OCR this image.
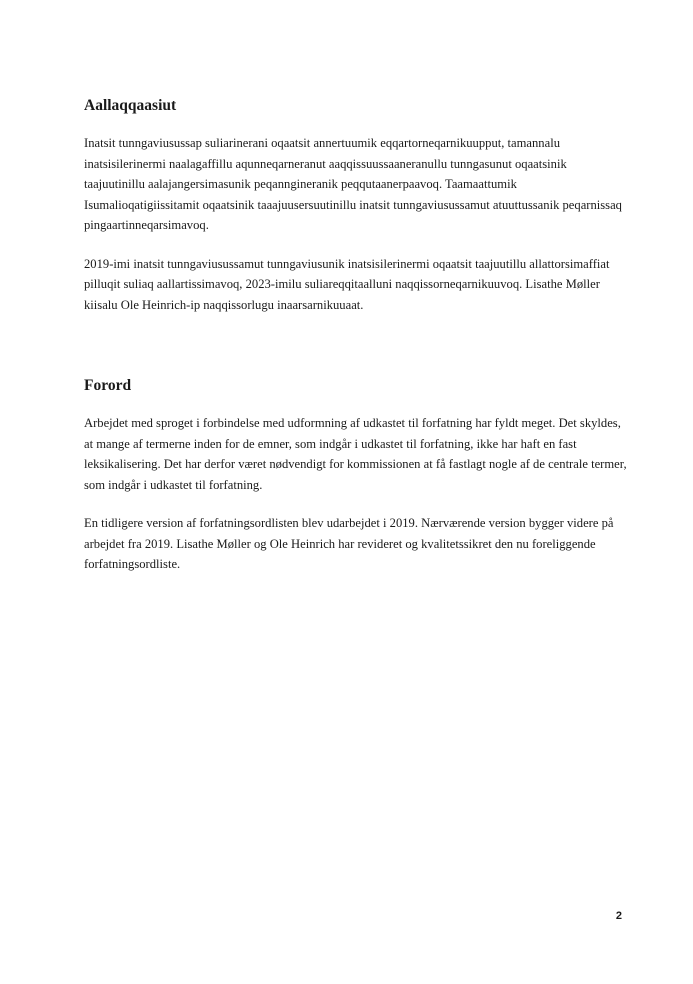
Aallaqqaasiut

Inatsit tunngaviusussap suliarinerani oqaatsit annertuumik eqqartorneqarnikuupput, tamannalu inatsisilerinermi naalagaffillu aqunneqarneranut aaqqissuussaaneranullu tunngasunut oqaatsinik taajuutinillu aalajangersimasunik peqanngineranik peqqutaanerpaavoq. Taamaattumik Isumalioqatigiissitamit oqaatsinik taaajuusersuutinillu inatsit tunngaviusussamut atuuttussanik peqarnissaq pingaartinneqarsimavoq.

2019-imi inatsit tunngaviusussamut tunngaviusunik inatsisilerinermi oqaatsit taajuutillu allattorsimaffiat pilluqit suliaq aallartissimavoq, 2023-imilu suliareqqitaalluni naqqissorneqarnikuuvoq. Lisathe Møller kiisalu Ole Heinrich-ip naqqissorlugu inaarsarnikuuaat.

Forord

Arbejdet med sproget i forbindelse med udformning af udkastet til forfatning har fyldt meget. Det skyldes, at mange af termerne inden for de emner, som indgår i udkastet til forfatning, ikke har haft en fast leksikalisering. Det har derfor været nødvendigt for kommissionen at få fastlagt nogle af de centrale termer, som indgår i udkastet til forfatning.

En tidligere version af forfatningsordlisten blev udarbejdet i 2019. Nærværende version bygger videre på arbejdet fra 2019. Lisathe Møller og Ole Heinrich har revideret og kvalitetssikret den nu foreliggende forfatningsordliste.

2
